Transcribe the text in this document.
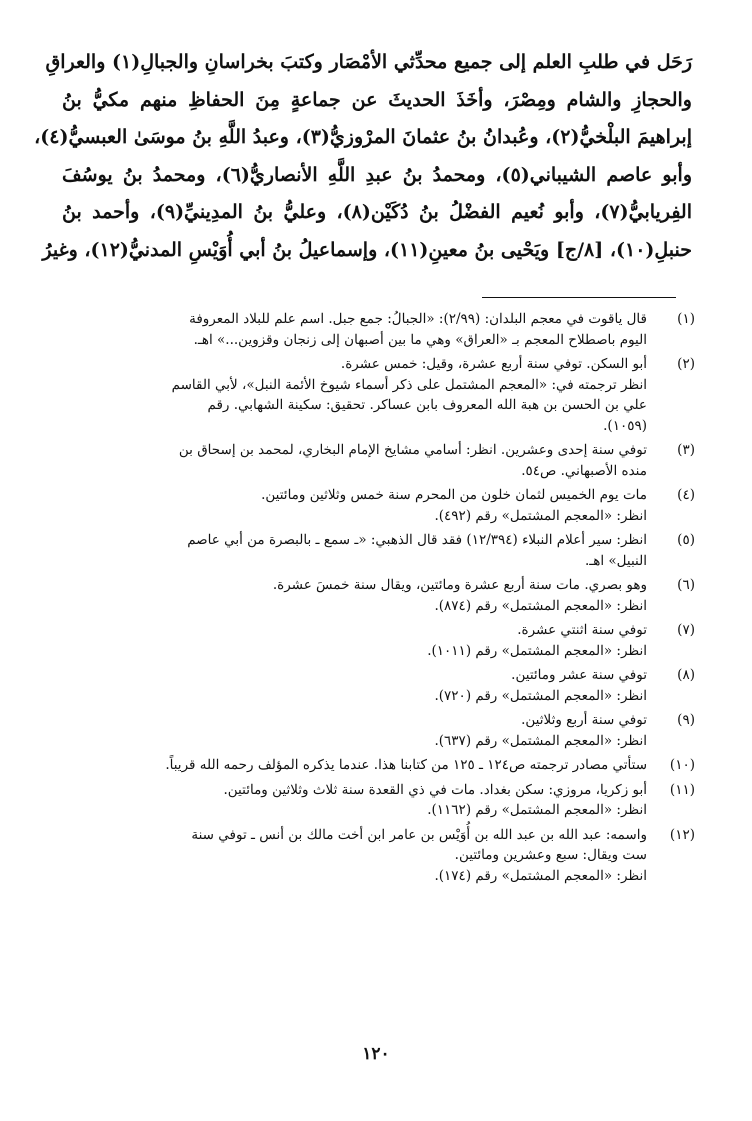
رَحَل في طلبِ العلم إلى جميع محدِّثي الأمْصَار وكتبَ بخراسانِ والجبالِ(١) والعراقِ
والحجازِ والشام ومِصْرَ، وأخَذَ الحديثَ عن جماعةٍ مِنَ الحفاظِ منهم مكيُّ بنُ
إبراهيمَ البلْخيُّ(٢)، وعُبدانُ بنُ عثمانَ المرْوزيُّ(٣)، وعبدُ اللَّهِ بنُ موسَىٰ العبسيُّ(٤)،
وأبو عاصم الشيباني(٥)، ومحمدُ بنُ عبدِ اللَّهِ الأنصاريُّ(٦)، ومحمدُ بنُ يوسُفَ
الفِريابيُّ(٧)، وأبو نُعيم الفضْلُ بنُ دُكَيْن(٨)، وعليُّ بنُ المدِينيِّ(٩)، وأحمد بنُ
حنبلِ(١٠)، [٨/ج] ويَحْيى بنُ معينِ(١١)، وإسماعيلُ بنُ أبي أُوَيْسِ المدنيُّ(١٢)، وغيرُ
(١)
قال ياقوت في معجم البلدان: (٢/٩٩): «الجبالُ: جمع جبل. اسم علم للبلاد المعروفة
اليوم باصطلاح المعجم بـ «العراق» وهي ما بين أصبهان إلى زنجان وقزوين...» اهـ.
(٢)
أبو السكن. توفي سنة أربع عشرة، وقيل: خمس عشرة.
انظر ترجمته في: «المعجم المشتمل على ذكر أسماء شيوخ الأئمة النبل»، لأبي القاسم
علي بن الحسن بن هبة الله المعروف بابن عساكر. تحقيق: سكينة الشهابي. رقم
(١٠٥٩).
(٣)
توفي سنة إحدى وعشرين. انظر: أسامي مشايخ الإمام البخاري، لمحمد بن إسحاق بن
منده الأصبهاني. ص٥٤.
(٤)
مات يوم الخميس لثمان خلون من المحرم سنة خمس وثلاثين ومائتين.
انظر: «المعجم المشتمل» رقم (٤٩٢).
(٥)
انظر: سير أعلام النبلاء (١٢/٣٩٤) فقد قال الذهبي: «ـ سمع ـ بالبصرة من أبي عاصم
النبيل» اهـ.
(٦)
وهو بصري. مات سنة أربع عشرة ومائتين، ويقال سنة خمسَ عشرة.
انظر: «المعجم المشتمل» رقم (٨٧٤).
(٧)
توفي سنة اثنتي عشرة.
انظر: «المعجم المشتمل» رقم (١٠١١).
(٨)
توفي سنة عشر ومائتين.
انظر: «المعجم المشتمل» رقم (٧٢٠).
(٩)
توفي سنة أربع وثلاثين.
انظر: «المعجم المشتمل» رقم (٦٣٧).
(١٠)
ستأتي مصادر ترجمته ص١٢٤ ـ ١٢٥ من كتابنا هذا. عندما يذكره المؤلف رحمه الله قريباً.
(١١)
أبو زكريا، مروزي: سكن بغداد. مات في ذي القعدة سنة ثلاث وثلاثين ومائتين.
انظر: «المعجم المشتمل» رقم (١١٦٢).
(١٢)
واسمه: عبد الله بن عبد الله بن أُوَيْس بن عامر ابن أخت مالك بن أنس ـ توفي سنة
ست ويقال: سبع وعشرين ومائتين.
انظر: «المعجم المشتمل» رقم (١٧٤).
١٢٠
